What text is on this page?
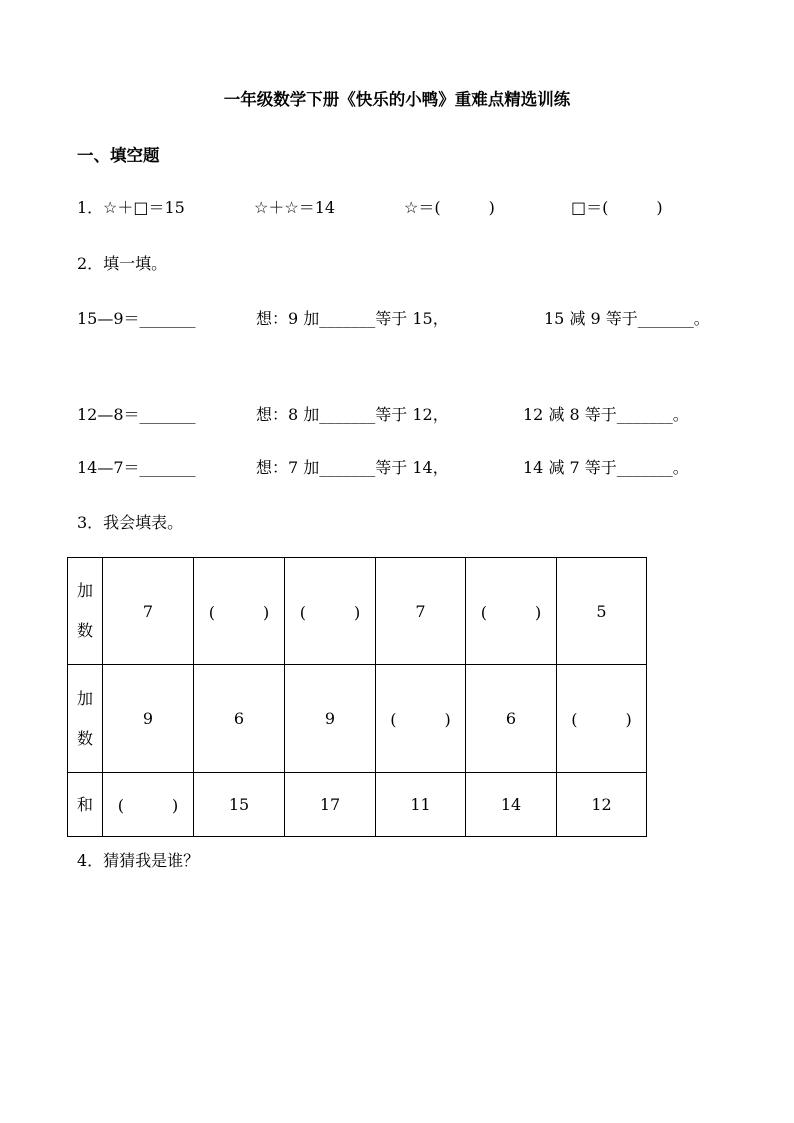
一年级数学下册《快乐的小鸭》重难点精选训练
一、填空题
1． ☆＋□＝15	☆＋☆＝14	☆＝(　　　)	□＝(　　　)
2．填一填。
15—9＝_______	想：9 加_______等于 15，	15 减 9 等于_______。
12—8＝_______	想：8 加_______等于 12，	12 减 8 等于_______。
14—7＝_______	想：7 加_______等于 14，	14 减 7 等于_______。
3．我会填表。
加
数	7	(　　　)	(　　　)	7	(　　　)	5

加
数	9	6	9	(　　　)	6	(　　　)

和	(　　　)	15	17	11	14	12
4．猜猜我是谁？
